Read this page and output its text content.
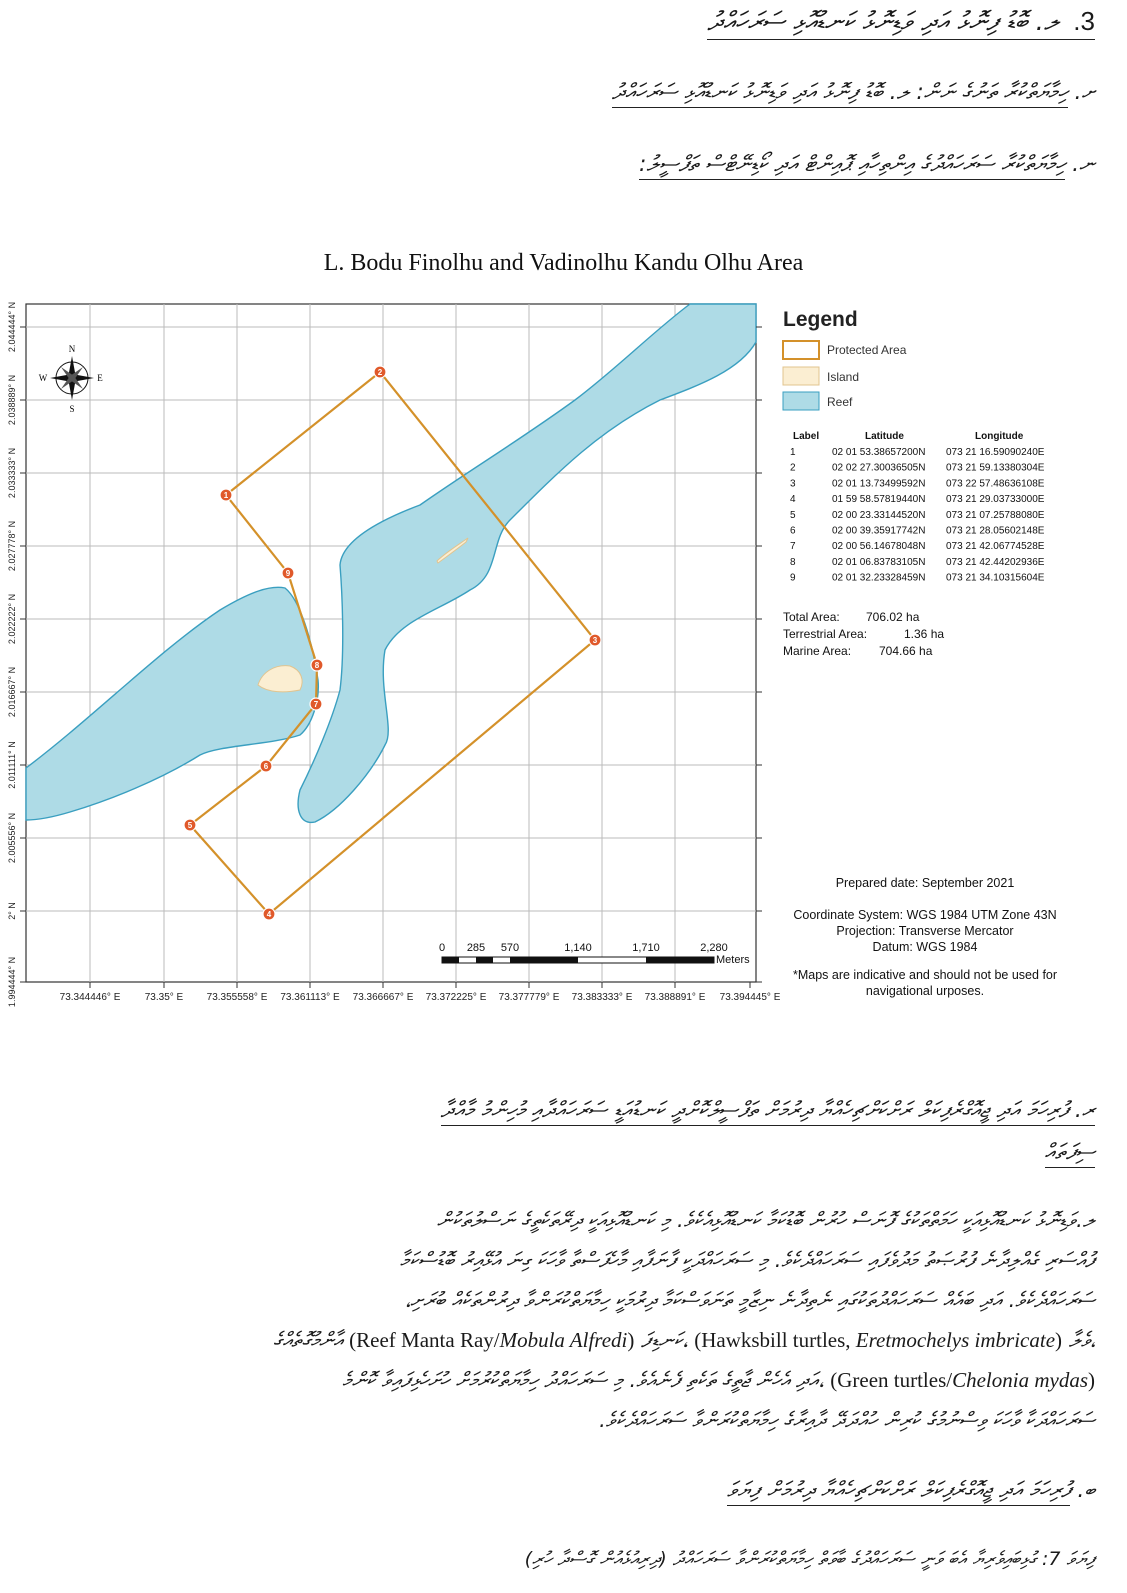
3. ލ. ބޮޑު ފިނޮޅު އަދި ވަޑިނޮޅު ކަނޑުއޮޅި ސަރަހައްދު
ށ. ހިމާޔަތްކުރާ ތަނުގެ ނަން: ލ. ބޮޑު ފިނޮޅު އަދި ވަޑިނޮޅު ކަނޑުއޮޅި ސަރަހައްދު
ނ. ހިމާޔަތްކުރާ ސަރަހައްދުގެ އިންތިހާއި ޕޮއިންޓް އަދި ކޯޑިނޭޓްސް ތަފްސީލު:
L. Bodu Finolhu and Vadinolhu Kandu Olhu Area
1
2
3
4
5
6
7
8
9
N
S
E
W
73.344446° E 73.35° E 73.355558° E 73.361113° E 73.366667° E 73.372225° E 73.377779° E 73.383333° E 73.388891° E 73.394445° E
2.044444° N
2.038889° N
2.033333° N
2.027778° N
2.022222° N
2.016667° N
2.011111° N
2.005556° N
2° N
1.994444° N
0 285 570	1,140	1,710	2,280
Meters
Legend
Protected Area
Island
Reef
Label	Latitude	Longitude
1	02 01 53.38657200N 073 21 16.59090240E
2	02 02 27.30036505N 073 21 59.13380304E
3	02 01 13.73499592N 073 22 57.48636108E
4	01 59 58.57819440N 073 21 29.03733000E
5	02 00 23.33144520N 073 21 07.25788080E
6	02 00 39.35917742N 073 21 28.05602148E
7	02 00 56.14678048N 073 21 42.06774528E
8	02 01 06.83783105N 073 21 42.44202936E
9	02 01 32.23328459N 073 21 34.10315604E
Total Area: 706.02 ha
Terrestrial Area:	1.36 ha
Marine Area: 704.66 ha
Prepared date: September 2021
Coordinate System: WGS 1984 UTM Zone 43N
Projection: Transverse Mercator
Datum: WGS 1984
*Maps are indicative and should not be used for
navigational urposes.
ރ. ފުރިހަމަ އަދި ޖީއޮގްރެފިކަލް ރަށްކަށްޗިހެއްޔާ ދިރުމަށް ތަފްސީލްކޮށްދީ ކަނޑުއަޑީ ސަރަހައްދާއި މުހިންމު މާއްދާ
ސިފަތައް
ލ.ވަޑިނޮޅު ކަނޑުއޮޅިއަކީ ހަމަތްތަކުގެ ފޮނަސް ހުރުން ބޮޑުކަމާ ކަނޑުއޮޅިއެކެވެ. މި ކަނޑުއޮޅިއަކީ ދިރޭތަކެތީގެ ނަސްލުތަކުން
ފުއްސަރި ގެއްލިދާނެ ފުރުޞަތު މަދުވެފައި ސަރަހައްދެކެވެ. މި ސަރަހައްދަކީ ފާނަފާއި މާހެފަސްތާ ވާހަކަ ގިނަ އުޅޭއިރު ބޮޑުސްކަމާ
ސަރަހައްދެކެވެ. އަދި ބައެއް ސަރަހައްދުތަކުގައި ނެތިދާނެ ނިޒާމީ ތަނަވަސްކަމާ ދިރުމަކީ ހިމާޔަތްކުރަންވާ ދިރުންތަކެއް ބުރަށި،
،ވެލާ (Hawksbill turtles, Eretmochelys imbricate) ،ކަނޑިފަ (Reef Manta Ray/Mobula Alfredi) އާންމުގޮތެއްގެ
(Green turtles/Chelonia mydas) ،އަދި އެހެން ޖާތީގެ ތަކެތި ފެނެއެވެ. މި ސަރަހައްދު ހިމާޔަތްކުރުމަށް ހުށަހެޅިފައިވާ ކޮންމެ
ސަރަހައްދަކާ ވާހަކަ ވިސްނުމުގެ ކުރިން ހުއްދަދޭ ދާއިރާގެ ހިމާޔަތްކުރަންވާ ސަރަހައްދެކެވެ.
ބ. ފުރިހަމަ އަދި ޖީއޮގްރެފިކަލް ރަށްކަށްޗިހެއްޔާ ދިރުމަށް ފިޔަވަ
ފިޔަވަ 7: ގުޅިބައިވެރިޔާ އެބަ ވަނީ ސަރަހައްދުގެ ބާވަތް ހިމާޔަތްކުރަންވާ ސަރަހައްދު (ދިރިއުޅެއުން ގޮސްދާ ހުރި)
